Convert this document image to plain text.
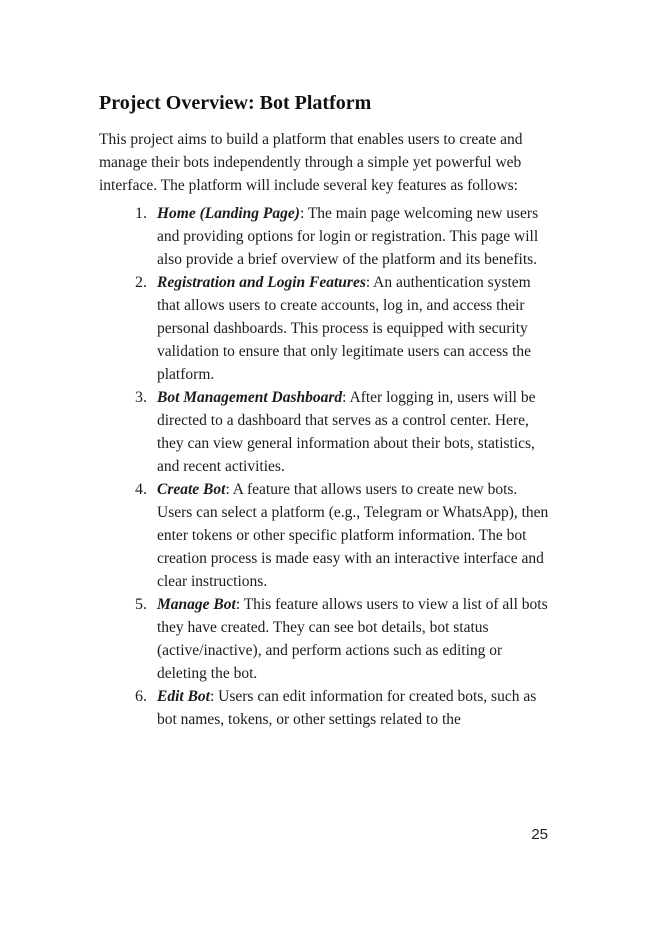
Project Overview: Bot Platform

This project aims to build a platform that enables users to create and manage their bots independently through a simple yet powerful web interface. The platform will include several key features as follows:

1. Home (Landing Page): The main page welcoming new users and providing options for login or registration. This page will also provide a brief overview of the platform and its benefits.
2. Registration and Login Features: An authentication system that allows users to create accounts, log in, and access their personal dashboards. This process is equipped with security validation to ensure that only legitimate users can access the platform.
3. Bot Management Dashboard: After logging in, users will be directed to a dashboard that serves as a control center. Here, they can view general information about their bots, statistics, and recent activities.
4. Create Bot: A feature that allows users to create new bots. Users can select a platform (e.g., Telegram or WhatsApp), then enter tokens or other specific platform information. The bot creation process is made easy with an interactive interface and clear instructions.
5. Manage Bot: This feature allows users to view a list of all bots they have created. They can see bot details, bot status (active/inactive), and perform actions such as editing or deleting the bot.
6. Edit Bot: Users can edit information for created bots, such as bot names, tokens, or other settings related to the
25
